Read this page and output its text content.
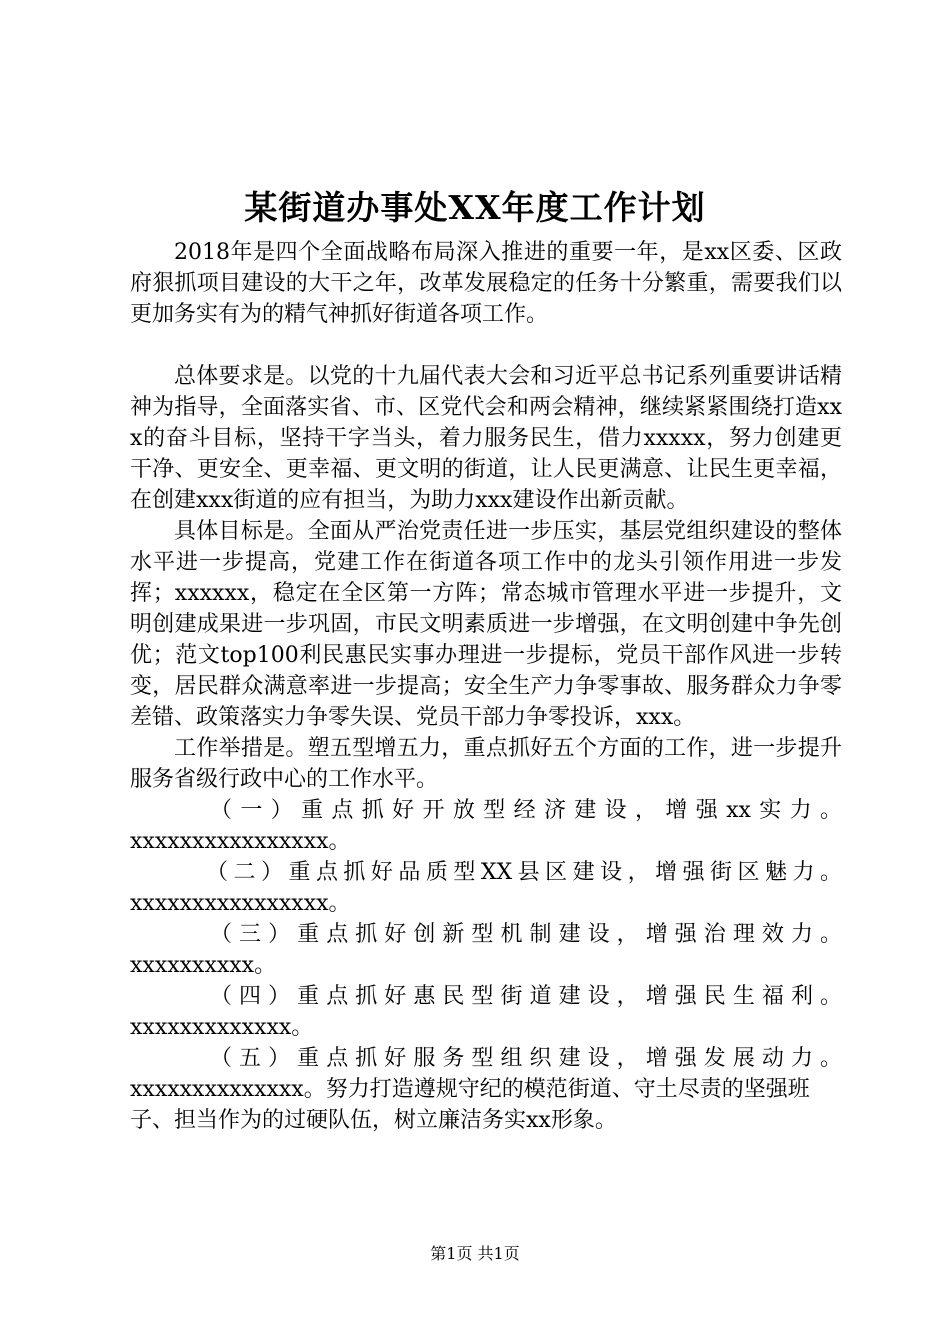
某街道办事处XX年度工作计划

2018年是四个全面战略布局深入推进的重要一年，是xx区委、区政府狠抓项目建设的大干之年，改革发展稳定的任务十分繁重，需要我们以更加务实有为的精气神抓好街道各项工作。

总体要求是。以党的十九届代表大会和习近平总书记系列重要讲话精神为指导，全面落实省、市、区党代会和两会精神，继续紧紧围绕打造xxx的奋斗目标，坚持干字当头，着力服务民生，借力xxxxx，努力创建更干净、更安全、更幸福、更文明的街道，让人民更满意、让民生更幸福，在创建xxx街道的应有担当，为助力xxx建设作出新贡献。

具体目标是。全面从严治党责任进一步压实，基层党组织建设的整体水平进一步提高，党建工作在街道各项工作中的龙头引领作用进一步发挥；xxxxxx，稳定在全区第一方阵；常态城市管理水平进一步提升，文明创建成果进一步巩固，市民文明素质进一步增强，在文明创建中争先创优；范文top100利民惠民实事办理进一步提标，党员干部作风进一步转变，居民群众满意率进一步提高；安全生产力争零事故、服务群众力争零差错、政策落实力争零失误、党员干部力争零投诉，xxx。

工作举措是。塑五型增五力，重点抓好五个方面的工作，进一步提升服务省级行政中心的工作水平。

（一）重点抓好开放型经济建设，增强xx实力。

xxxxxxxxxxxxxxxx。

（二）重点抓好品质型XX县区建设，增强街区魅力。

xxxxxxxxxxxxxxxx。

（三）重点抓好创新型机制建设，增强治理效力。

xxxxxxxxxx。

（四）重点抓好惠民型街道建设，增强民生福利。

xxxxxxxxxxxxx。

（五）重点抓好服务型组织建设，增强发展动力。

xxxxxxxxxxxxxx。努力打造遵规守纪的模范街道、守土尽责的坚强班子、担当作为的过硬队伍，树立廉洁务实xx形象。

第1页 共1页
